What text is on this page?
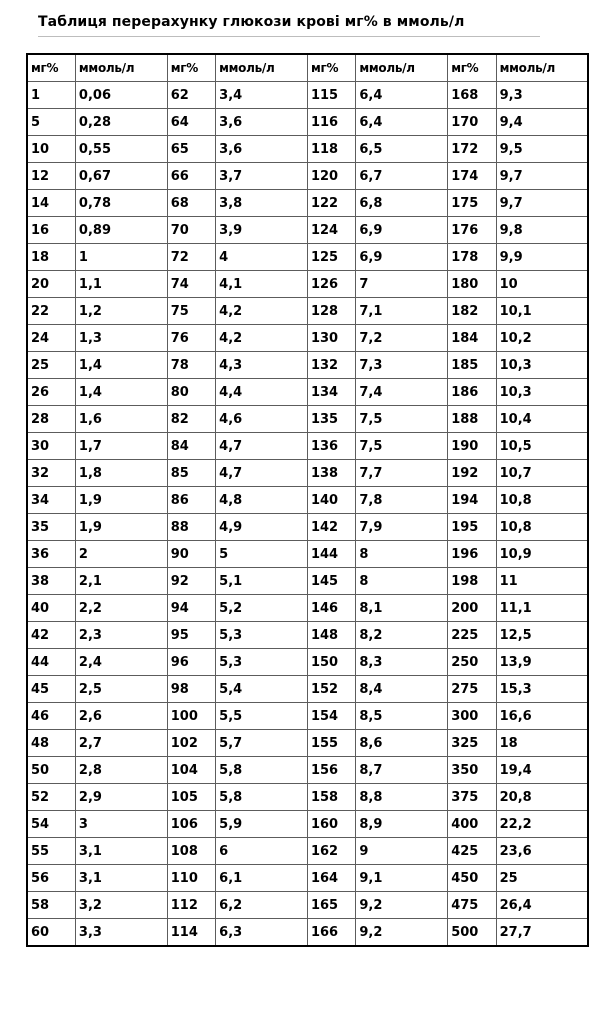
Таблиця перерахунку глюкози крові мг% в ммоль/л
мг%	ммоль/л	мг%	ммоль/л	мг%	ммоль/л	мг%	ммоль/л
1	0,06	62	3,4	115	6,4	168	9,3
5	0,28	64	3,6	116	6,4	170	9,4
10	0,55	65	3,6	118	6,5	172	9,5
12	0,67	66	3,7	120	6,7	174	9,7
14	0,78	68	3,8	122	6,8	175	9,7
16	0,89	70	3,9	124	6,9	176	9,8
18	1	72	4	125	6,9	178	9,9
20	1,1	74	4,1	126	7	180	10
22	1,2	75	4,2	128	7,1	182	10,1
24	1,3	76	4,2	130	7,2	184	10,2
25	1,4	78	4,3	132	7,3	185	10,3
26	1,4	80	4,4	134	7,4	186	10,3
28	1,6	82	4,6	135	7,5	188	10,4
30	1,7	84	4,7	136	7,5	190	10,5
32	1,8	85	4,7	138	7,7	192	10,7
34	1,9	86	4,8	140	7,8	194	10,8
35	1,9	88	4,9	142	7,9	195	10,8
36	2	90	5	144	8	196	10,9
38	2,1	92	5,1	145	8	198	11
40	2,2	94	5,2	146	8,1	200	11,1
42	2,3	95	5,3	148	8,2	225	12,5
44	2,4	96	5,3	150	8,3	250	13,9
45	2,5	98	5,4	152	8,4	275	15,3
46	2,6	100	5,5	154	8,5	300	16,6
48	2,7	102	5,7	155	8,6	325	18
50	2,8	104	5,8	156	8,7	350	19,4
52	2,9	105	5,8	158	8,8	375	20,8
54	3	106	5,9	160	8,9	400	22,2
55	3,1	108	6	162	9	425	23,6
56	3,1	110	6,1	164	9,1	450	25
58	3,2	112	6,2	165	9,2	475	26,4
60	3,3	114	6,3	166	9,2	500	27,7
